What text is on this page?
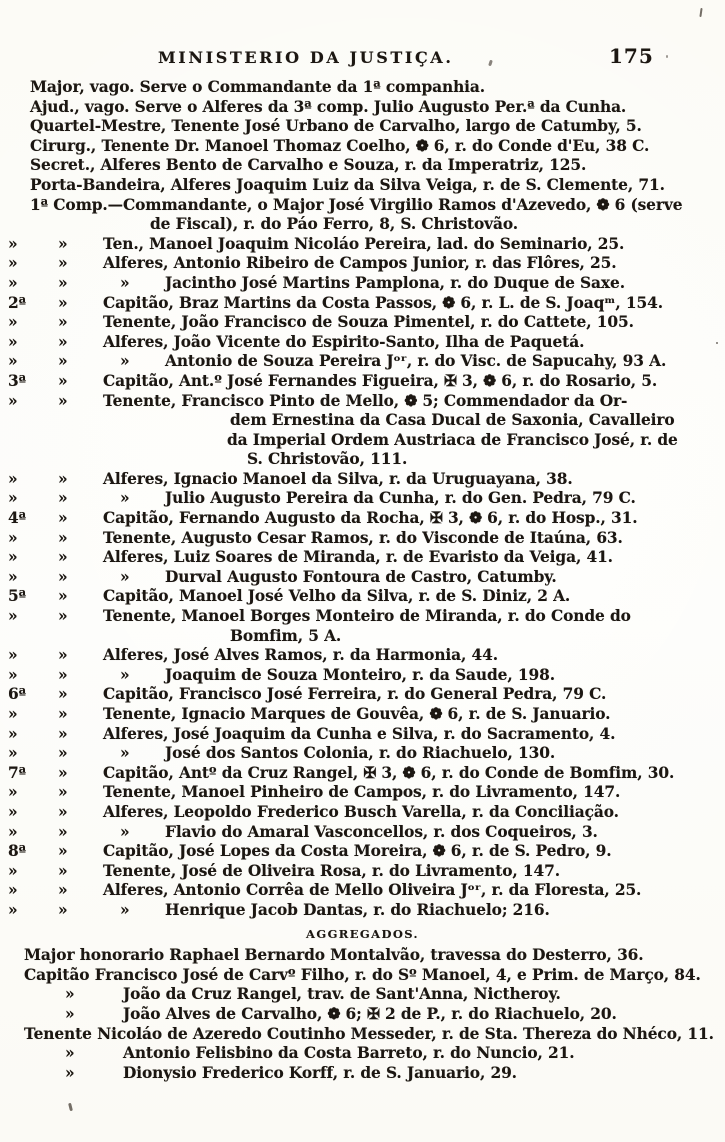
MINISTERIO DA JUSTIÇA.	175
Major, vago. Serve o Commandante da 1ª companhia.
Ajud., vago. Serve o Alferes da 3ª comp. Julio Augusto Per.ª da Cunha.
Quartel-Mestre, Tenente José Urbano de Carvalho, largo de Catumby, 5.
Cirurg., Tenente Dr. Manoel Thomaz Coelho, ❁ 6, r. do Conde d'Eu, 38 C.
Secret., Alferes Bento de Carvalho e Souza, r. da Imperatriz, 125.
Porta-Bandeira, Alferes Joaquim Luiz da Silva Veiga, r. de S. Clemente, 71.
1ª Comp.—Commandante, o Major José Virgilio Ramos d'Azevedo, ❁ 6 (serve
de Fiscal), r. do Páo Ferro, 8, S. Christovão.
»	»	Ten., Manoel Joaquim Nicoláo Pereira, lad. do Seminario, 25.
»	»	Alferes, Antonio Ribeiro de Campos Junior, r. das Flôres, 25.
»	»	»	Jacintho José Martins Pamplona, r. do Duque de Saxe.
2ª	»	Capitão, Braz Martins da Costa Passos, ❁ 6, r. L. de S. Joaqᵐ, 154.
»	»	Tenente, João Francisco de Souza Pimentel, r. do Cattete, 105.
»	»	Alferes, João Vicente do Espirito-Santo, Ilha de Paquetá.
»	»	»	Antonio de Souza Pereira Jᵒʳ, r. do Visc. de Sapucahy, 93 A.
3ª	»	Capitão, Ant.º José Fernandes Figueira, ✠ 3, ❁ 6, r. do Rosario, 5.
»	»	Tenente, Francisco Pinto de Mello, ❁ 5; Commendador da Or-
dem Ernestina da Casa Ducal de Saxonia, Cavalleiro
da Imperial Ordem Austriaca de Francisco José, r. de
S. Christovão, 111.
»	»	Alferes, Ignacio Manoel da Silva, r. da Uruguayana, 38.
»	»	»	Julio Augusto Pereira da Cunha, r. do Gen. Pedra, 79 C.
4ª	»	Capitão, Fernando Augusto da Rocha, ✠ 3, ❁ 6, r. do Hosp., 31.
»	»	Tenente, Augusto Cesar Ramos, r. do Visconde de Itaúna, 63.
»	»	Alferes, Luiz Soares de Miranda, r. de Evaristo da Veiga, 41.
»	»	»	Durval Augusto Fontoura de Castro, Catumby.
5ª	»	Capitão, Manoel José Velho da Silva, r. de S. Diniz, 2 A.
»	»	Tenente, Manoel Borges Monteiro de Miranda, r. do Conde do
Bomfim, 5 A.
»	»	Alferes, José Alves Ramos, r. da Harmonia, 44.
»	»	»	Joaquim de Souza Monteiro, r. da Saude, 198.
6ª	»	Capitão, Francisco José Ferreira, r. do General Pedra, 79 C.
»	»	Tenente, Ignacio Marques de Gouvêa, ❁ 6, r. de S. Januario.
»	»	Alferes, José Joaquim da Cunha e Silva, r. do Sacramento, 4.
»	»	»	José dos Santos Colonia, r. do Riachuelo, 130.
7ª	»	Capitão, Antº da Cruz Rangel, ✠ 3, ❁ 6, r. do Conde de Bomfim, 30.
»	»	Tenente, Manoel Pinheiro de Campos, r. do Livramento, 147.
»	»	Alferes, Leopoldo Frederico Busch Varella, r. da Conciliação.
»	»	»	Flavio do Amaral Vasconcellos, r. dos Coqueiros, 3.
8ª	»	Capitão, José Lopes da Costa Moreira, ❁ 6, r. de S. Pedro, 9.
»	»	Tenente, José de Oliveira Rosa, r. do Livramento, 147.
»	»	Alferes, Antonio Corrêa de Mello Oliveira Jᵒʳ, r. da Floresta, 25.
»	»	»	Henrique Jacob Dantas, r. do Riachuelo; 216.
AGGREGADOS.
Major honorario Raphael Bernardo Montalvão, travessa do Desterro, 36.
Capitão Francisco José de Carvº Filho, r. do Sº Manoel, 4, e Prim. de Março, 84.
»	João da Cruz Rangel, trav. de Sant'Anna, Nictheroy.
»	João Alves de Carvalho, ❁ 6; ✠ 2 de P., r. do Riachuelo, 20.
Tenente Nicoláo de Azeredo Coutinho Messeder, r. de Sta. Thereza do Nhéco, 11.
»	Antonio Felisbino da Costa Barreto, r. do Nuncio, 21.
»	Dionysio Frederico Korff, r. de S. Januario, 29.
